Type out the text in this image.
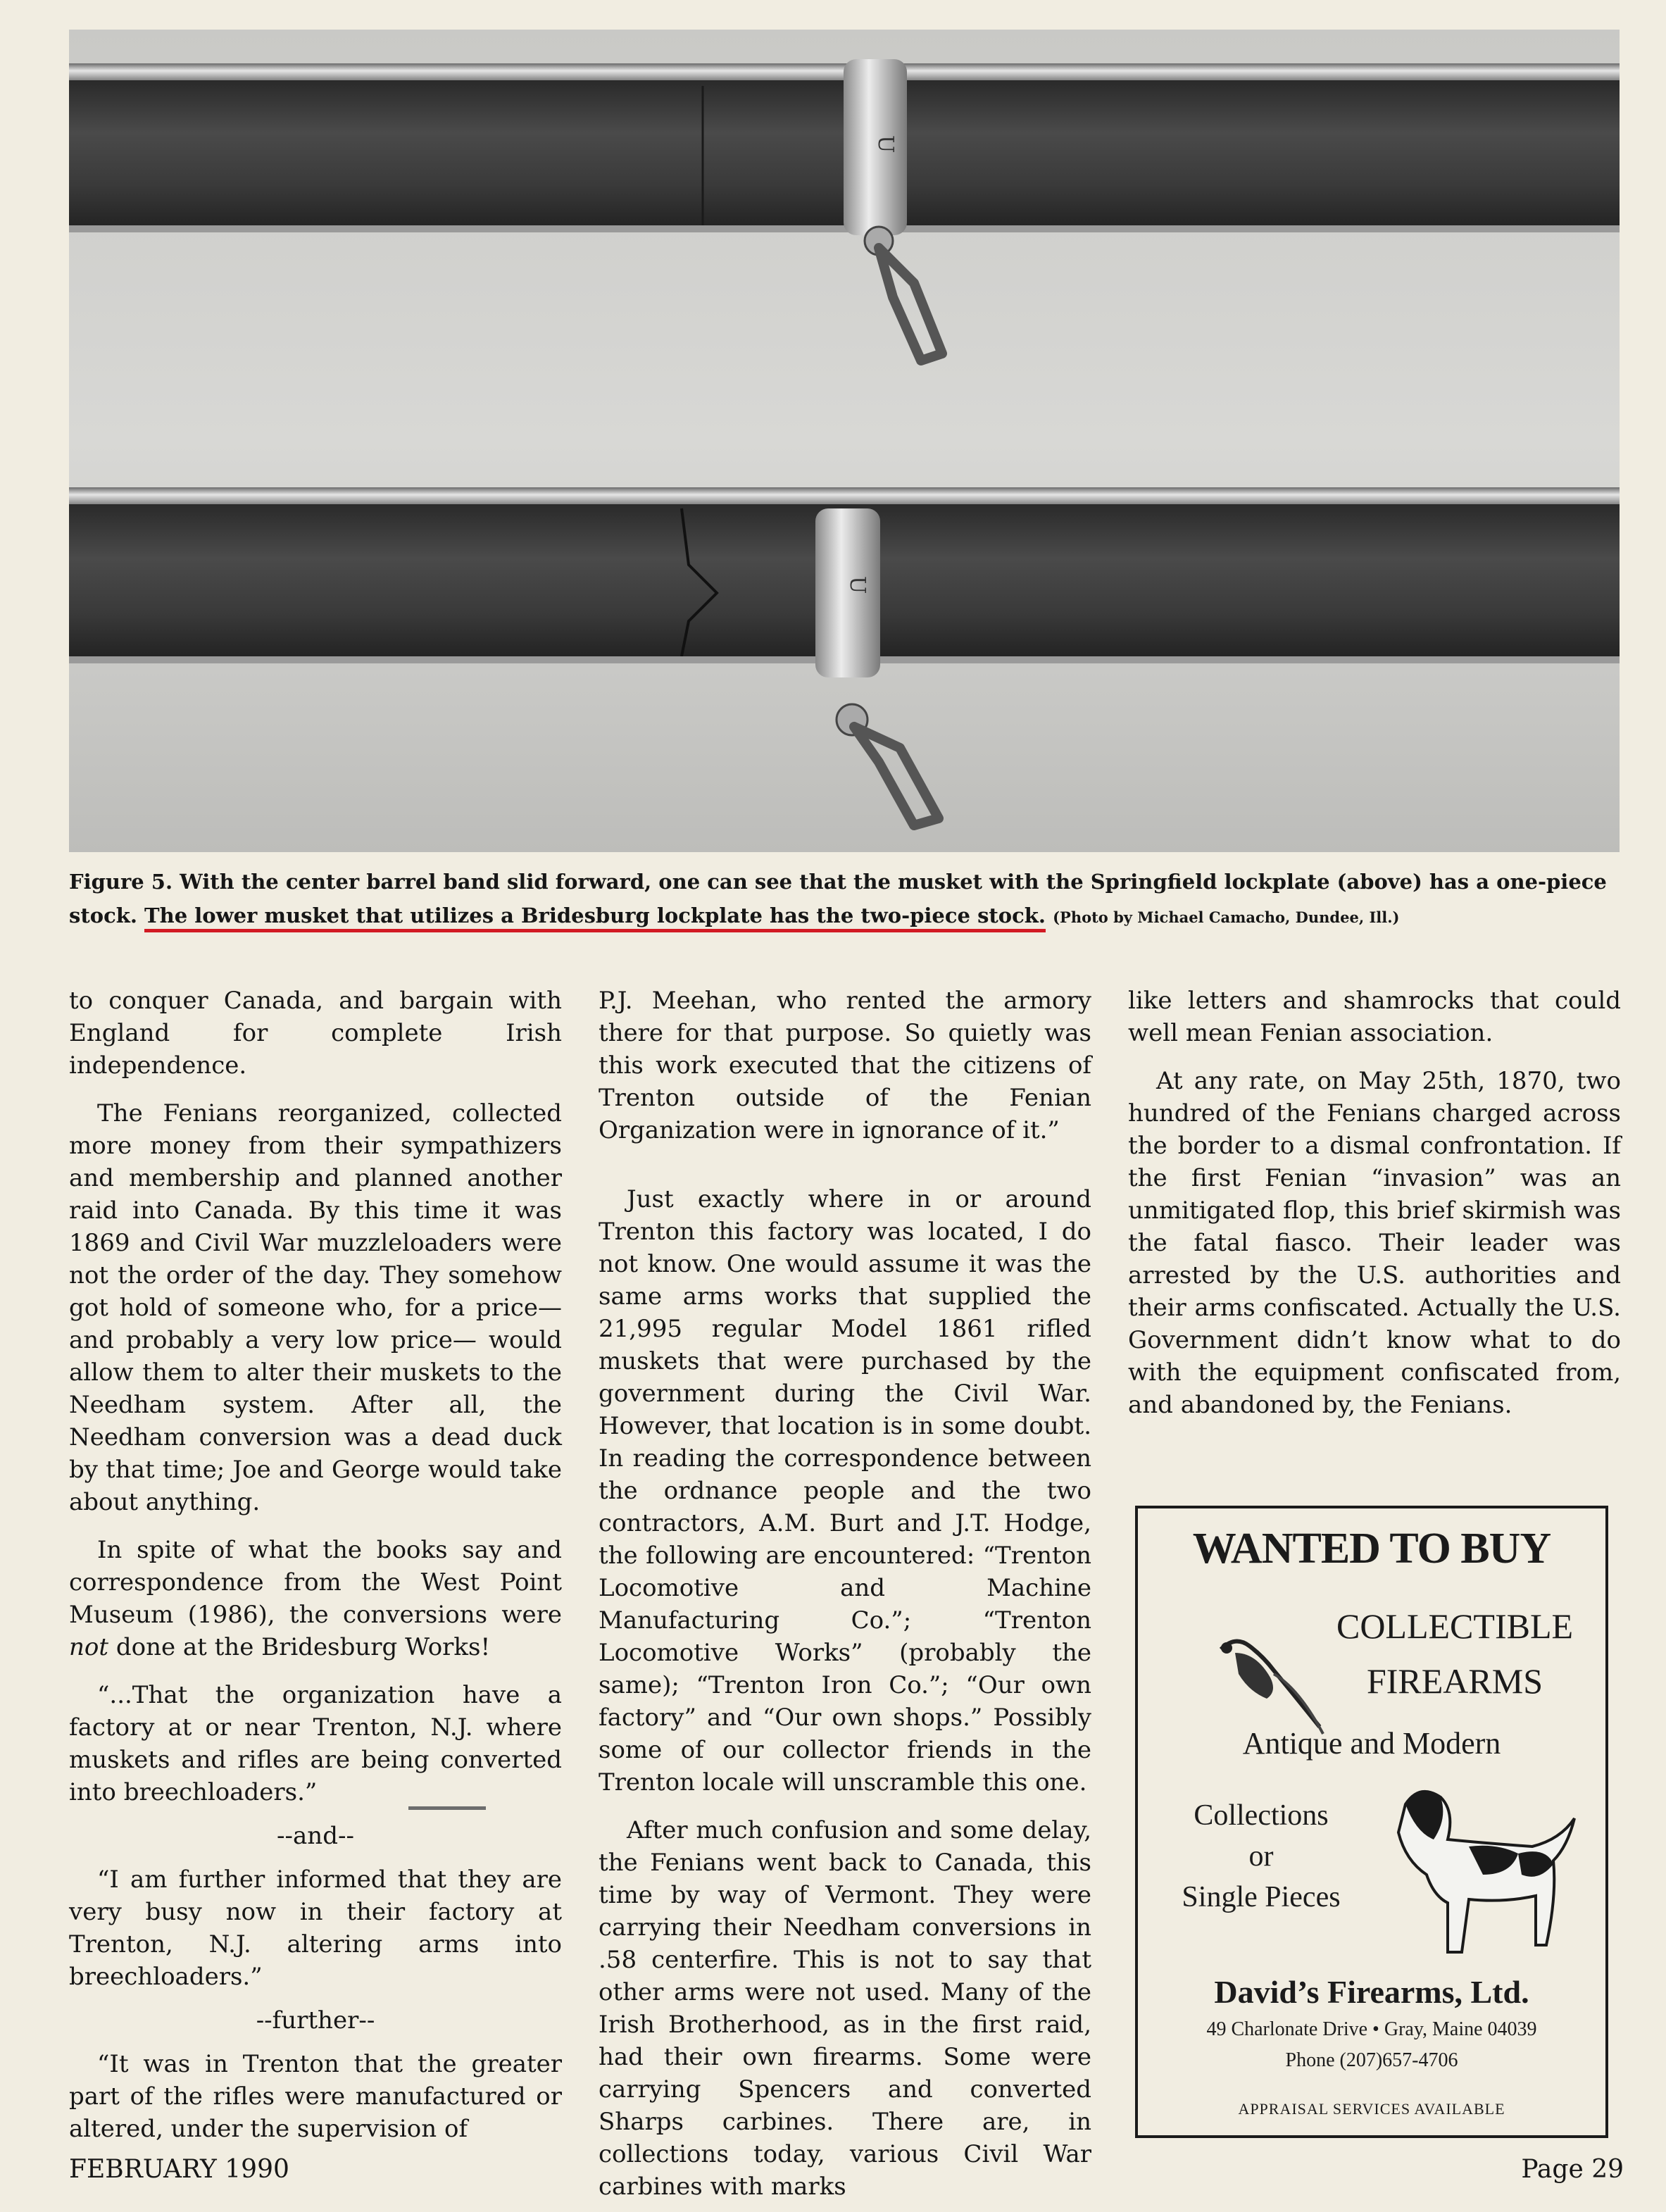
U
U
Figure 5. With the center barrel band slid forward, one can see that the musket with the Springfield lockplate (above) has a one-piece stock. The lower musket that utilizes a Bridesburg lockplate has the two-piece stock. (Photo by Michael Camacho, Dundee, Ill.)

to conquer Canada, and bargain with England for complete Irish independence.

The Fenians reorganized, collected more money from their sympathizers and membership and planned another raid into Canada. By this time it was 1869 and Civil War muzzleloaders were not the order of the day. They somehow got hold of someone who, for a price—and probably a very low price— would allow them to alter their muskets to the Needham system. After all, the Needham conversion was a dead duck by that time; Joe and George would take about anything.

In spite of what the books say and correspondence from the West Point Museum (1986), the conversions were not done at the Bridesburg Works!

“...That the organization have a factory at or near Trenton, N.J. where muskets and rifles are being converted into breechloaders.”

--and--

“I am further informed that they are very busy now in their factory at Trenton, N.J. altering arms into breechloaders.”

--further--

“It was in Trenton that the greater part of the rifles were manufactured or altered, under the supervision of

P.J. Meehan, who rented the armory there for that purpose. So quietly was this work executed that the citizens of Trenton outside of the Fenian Organization were in ignorance of it.”

Just exactly where in or around Trenton this factory was located, I do not know. One would assume it was the same arms works that supplied the 21,995 regular Model 1861 rifled muskets that were purchased by the government during the Civil War. However, that location is in some doubt. In reading the correspondence between the ordnance people and the two contractors, A.M. Burt and J.T. Hodge, the following are encountered: “Trenton Locomotive and Machine Manufacturing Co.”; “Trenton Locomotive Works” (probably the same); “Trenton Iron Co.”; “Our own factory” and “Our own shops.” Possibly some of our collector friends in the Trenton locale will unscramble this one.

After much confusion and some delay, the Fenians went back to Canada, this time by way of Vermont. They were carrying their Needham conversions in .58 centerfire. This is not to say that other arms were not used. Many of the Irish Brotherhood, as in the first raid, had their own firearms. Some were carrying Spencers and converted Sharps carbines. There are, in collections today, various Civil War carbines with marks

like letters and shamrocks that could well mean Fenian association.

At any rate, on May 25th, 1870, two hundred of the Fenians charged across the border to a dismal confrontation. If the first Fenian “invasion” was an unmitigated flop, this brief skirmish was the fatal fiasco. Their leader was arrested by the U.S. authorities and their arms confiscated. Actually the U.S. Government didn’t know what to do with the equipment confiscated from, and abandoned by, the Fenians.

WANTED TO BUY
COLLECTIBLE
FIREARMS
Antique and Modern
Collections
or
Single Pieces
David’s Firearms, Ltd.
49 Charlonate Drive • Gray, Maine 04039
Phone (207)657-4706
APPRAISAL SERVICES AVAILABLE
FEBRUARY 1990	Page 29
